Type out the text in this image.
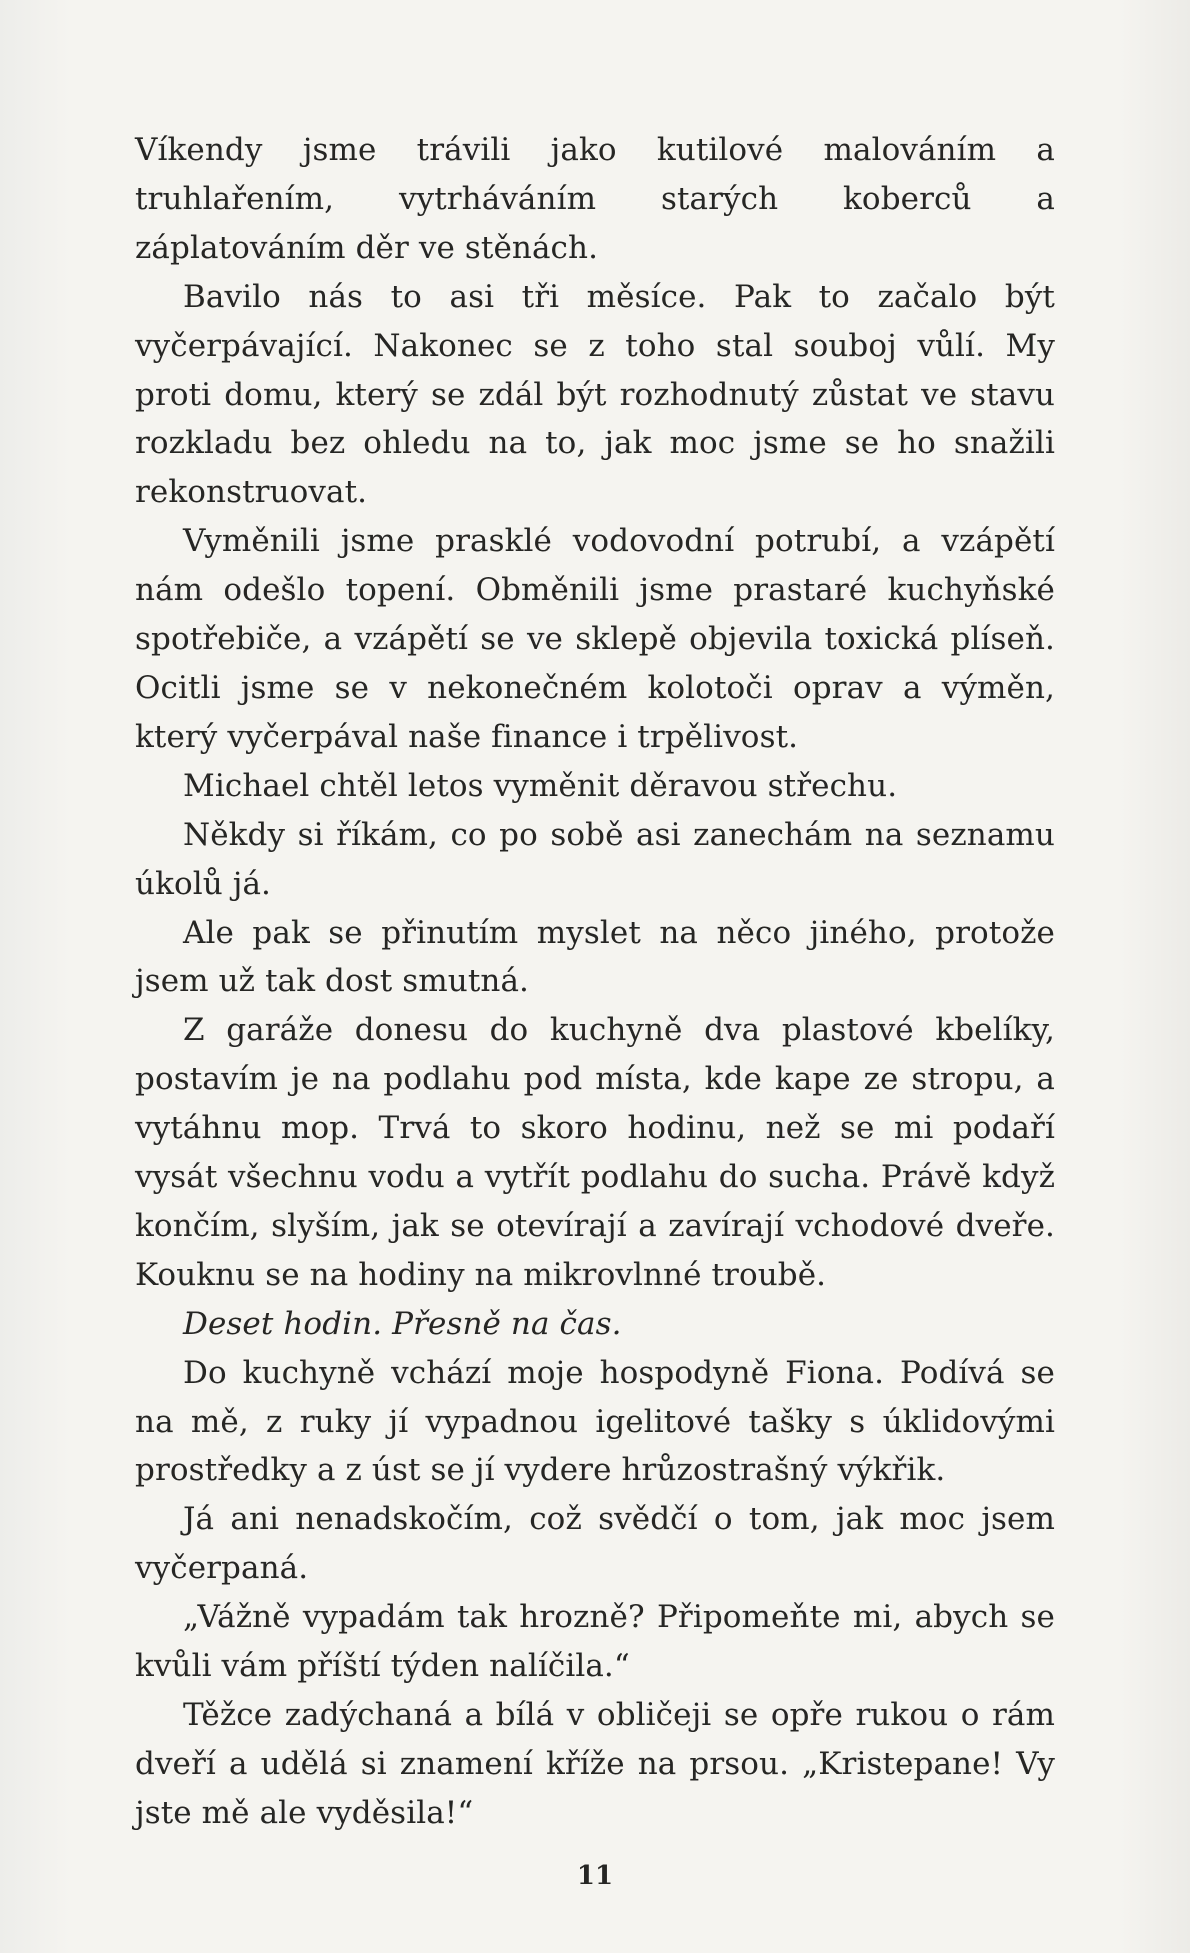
Víkendy jsme trávili jako kutilové malováním a truhlařením, vytrháváním starých koberců a záplatováním děr ve stěnách.

Bavilo nás to asi tři měsíce. Pak to začalo být vyčerpávající. Nakonec se z toho stal souboj vůlí. My proti domu, který se zdál být rozhodnutý zůstat ve stavu rozkladu bez ohledu na to, jak moc jsme se ho snažili rekonstruovat.

Vyměnili jsme prasklé vodovodní potrubí, a vzápětí nám odešlo topení. Obměnili jsme prastaré kuchyňské spotřebiče, a vzápětí se ve sklepě objevila toxická plíseň. Ocitli jsme se v nekonečném kolotoči oprav a výměn, který vyčerpával naše finance i trpělivost.

Michael chtěl letos vyměnit děravou střechu.

Někdy si říkám, co po sobě asi zanechám na seznamu úkolů já.

Ale pak se přinutím myslet na něco jiného, protože jsem už tak dost smutná.

Z garáže donesu do kuchyně dva plastové kbelíky, postavím je na podlahu pod místa, kde kape ze stropu, a vytáhnu mop. Trvá to skoro hodinu, než se mi podaří vysát všechnu vodu a vytřít podlahu do sucha. Právě když končím, slyším, jak se otevírají a zavírají vchodové dveře. Kouknu se na hodiny na mikrovlnné troubě.

Deset hodin. Přesně na čas.

Do kuchyně vchází moje hospodyně Fiona. Podívá se na mě, z ruky jí vypadnou igelitové tašky s úklidovými prostředky a z úst se jí vydere hrůzostrašný výkřik.

Já ani nenadskočím, což svědčí o tom, jak moc jsem vyčerpaná.

„Vážně vypadám tak hrozně? Připomeňte mi, abych se kvůli vám příští týden nalíčila.“

Těžce zadýchaná a bílá v obličeji se opře rukou o rám dveří a udělá si znamení kříže na prsou. „Kristepane! Vy jste mě ale vyděsila!“

11
